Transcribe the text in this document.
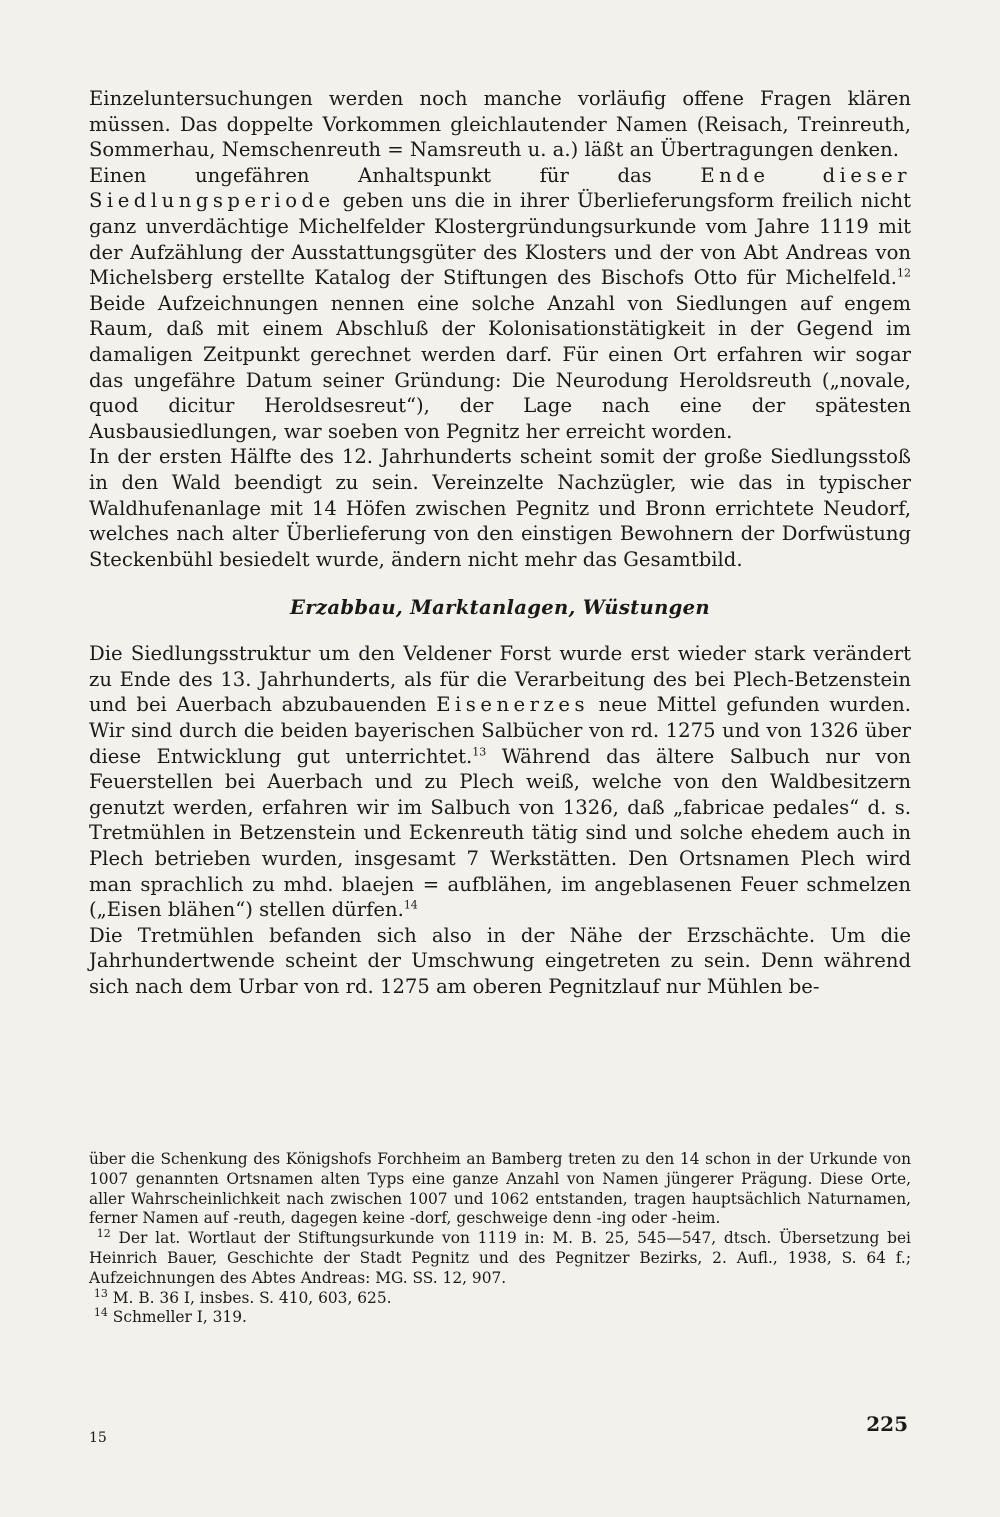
Einzeluntersuchungen werden noch manche vorläufig offene Fragen klären müssen. Das doppelte Vorkommen gleichlautender Namen (Reisach, Treinreuth, Sommerhau, Nemschenreuth = Namsreuth u. a.) läßt an Übertragungen denken.

Einen ungefähren Anhaltspunkt für das Ende dieser Siedlungsperiode geben uns die in ihrer Überlieferungsform freilich nicht ganz unverdächtige Michelfelder Klostergründungsurkunde vom Jahre 1119 mit der Aufzählung der Ausstattungsgüter des Klosters und der von Abt Andreas von Michelsberg erstellte Katalog der Stiftungen des Bischofs Otto für Michelfeld.$^{12}$ Beide Aufzeichnungen nennen eine solche Anzahl von Siedlungen auf engem Raum, daß mit einem Abschluß der Kolonisationstätigkeit in der Gegend im damaligen Zeitpunkt gerechnet werden darf. Für einen Ort erfahren wir sogar das ungefähre Datum seiner Gründung: Die Neurodung Heroldsreuth („novale, quod dicitur Heroldsesreut“), der Lage nach eine der spätesten Ausbausiedlungen, war soeben von Pegnitz her erreicht worden.

In der ersten Hälfte des 12. Jahrhunderts scheint somit der große Siedlungsstoß in den Wald beendigt zu sein. Vereinzelte Nachzügler, wie das in typischer Waldhufenanlage mit 14 Höfen zwischen Pegnitz und Bronn errichtete Neudorf, welches nach alter Überlieferung von den einstigen Bewohnern der Dorfwüstung Steckenbühl besiedelt wurde, ändern nicht mehr das Gesamtbild.

Erzabbau, Marktanlagen, Wüstungen

Die Siedlungsstruktur um den Veldener Forst wurde erst wieder stark verändert zu Ende des 13. Jahrhunderts, als für die Verarbeitung des bei Plech-Betzenstein und bei Auerbach abzubauenden Eisenerzes neue Mittel gefunden wurden. Wir sind durch die beiden bayerischen Salbücher von rd. 1275 und von 1326 über diese Entwicklung gut unterrichtet.$^{13}$ Während das ältere Salbuch nur von Feuerstellen bei Auerbach und zu Plech weiß, welche von den Waldbesitzern genutzt werden, erfahren wir im Salbuch von 1326, daß „fabricae pedales“ d. s. Tretmühlen in Betzenstein und Eckenreuth tätig sind und solche ehedem auch in Plech betrieben wurden, insgesamt 7 Werkstätten. Den Ortsnamen Plech wird man sprachlich zu mhd. blaejen = aufblähen, im angeblasenen Feuer schmelzen („Eisen blähen“) stellen dürfen.$^{14}$

Die Tretmühlen befanden sich also in der Nähe der Erzschächte. Um die Jahrhundertwende scheint der Umschwung eingetreten zu sein. Denn während sich nach dem Urbar von rd. 1275 am oberen Pegnitzlauf nur Mühlen be-

über die Schenkung des Königshofs Forchheim an Bamberg treten zu den 14 schon in der Urkunde von 1007 genannten Ortsnamen alten Typs eine ganze Anzahl von Namen jüngerer Prägung. Diese Orte, aller Wahrscheinlichkeit nach zwischen 1007 und 1062 entstanden, tragen hauptsächlich Naturnamen, ferner Namen auf -reuth, dagegen keine -dorf, geschweige denn -ing oder -heim.

$^{12}$ Der lat. Wortlaut der Stiftungsurkunde von 1119 in: M. B. 25, 545—547, dtsch. Übersetzung bei Heinrich Bauer, Geschichte der Stadt Pegnitz und des Pegnitzer Bezirks, 2. Aufl., 1938, S. 64 f.; Aufzeichnungen des Abtes Andreas: MG. SS. 12, 907.

$^{13}$ M. B. 36 I, insbes. S. 410, 603, 625.

$^{14}$ Schmeller I, 319.

225
15
